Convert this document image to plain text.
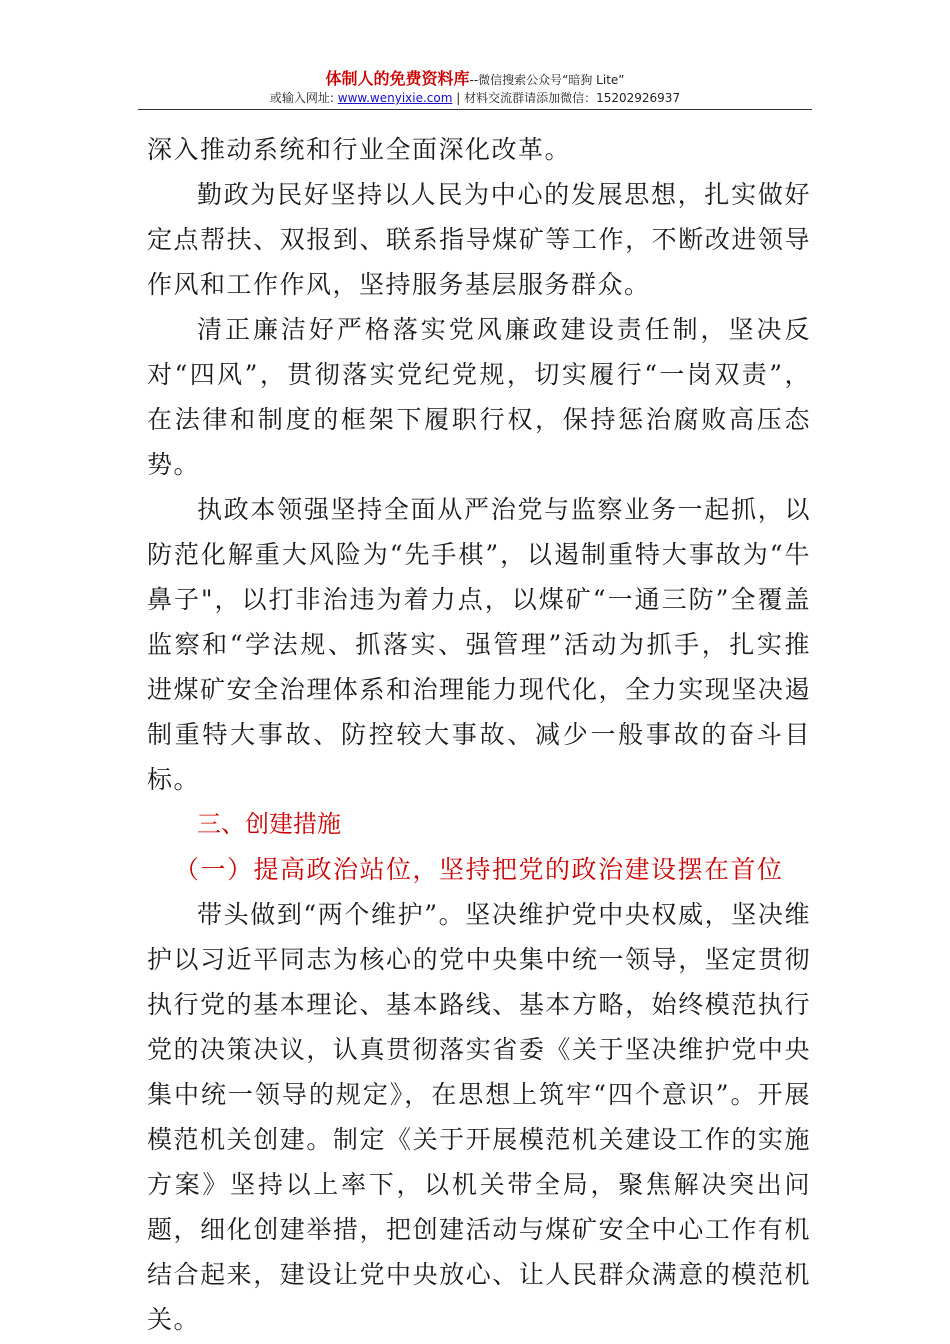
体制人的免费资料库--微信搜索公众号“暗狗 Lite”
或输入网址: www.wenyixie.com | 材料交流群请添加微信：15202926937

深入推动系统和行业全面深化改革。

勤政为民好坚持以人民为中心的发展思想，扎实做好定点帮扶、双报到、联系指导煤矿等工作，不断改进领导作风和工作作风，坚持服务基层服务群众。

清正廉洁好严格落实党风廉政建设责任制，坚决反对“四风”，贯彻落实党纪党规，切实履行“一岗双责”，在法律和制度的框架下履职行权，保持惩治腐败高压态势。

执政本领强坚持全面从严治党与监察业务一起抓，以防范化解重大风险为“先手棋”，以遏制重特大事故为“牛鼻子"，以打非治违为着力点，以煤矿“一通三防”全覆盖监察和“学法规、抓落实、强管理”活动为抓手，扎实推进煤矿安全治理体系和治理能力现代化，全力实现坚决遏制重特大事故、防控较大事故、减少一般事故的奋斗目标。

三、创建措施

（一）提高政治站位，坚持把党的政治建设摆在首位

带头做到“两个维护”。坚决维护党中央权威，坚决维护以习近平同志为核心的党中央集中统一领导，坚定贯彻执行党的基本理论、基本路线、基本方略，始终模范执行党的决策决议，认真贯彻落实省委《关于坚决维护党中央集中统一领导的规定》，在思想上筑牢“四个意识”。开展模范机关创建。制定《关于开展模范机关建设工作的实施方案》坚持以上率下，以机关带全局，聚焦解决突出问题，细化创建举措，把创建活动与煤矿安全中心工作有机结合起来，建设让党中央放心、让人民群众满意的模范机关。
